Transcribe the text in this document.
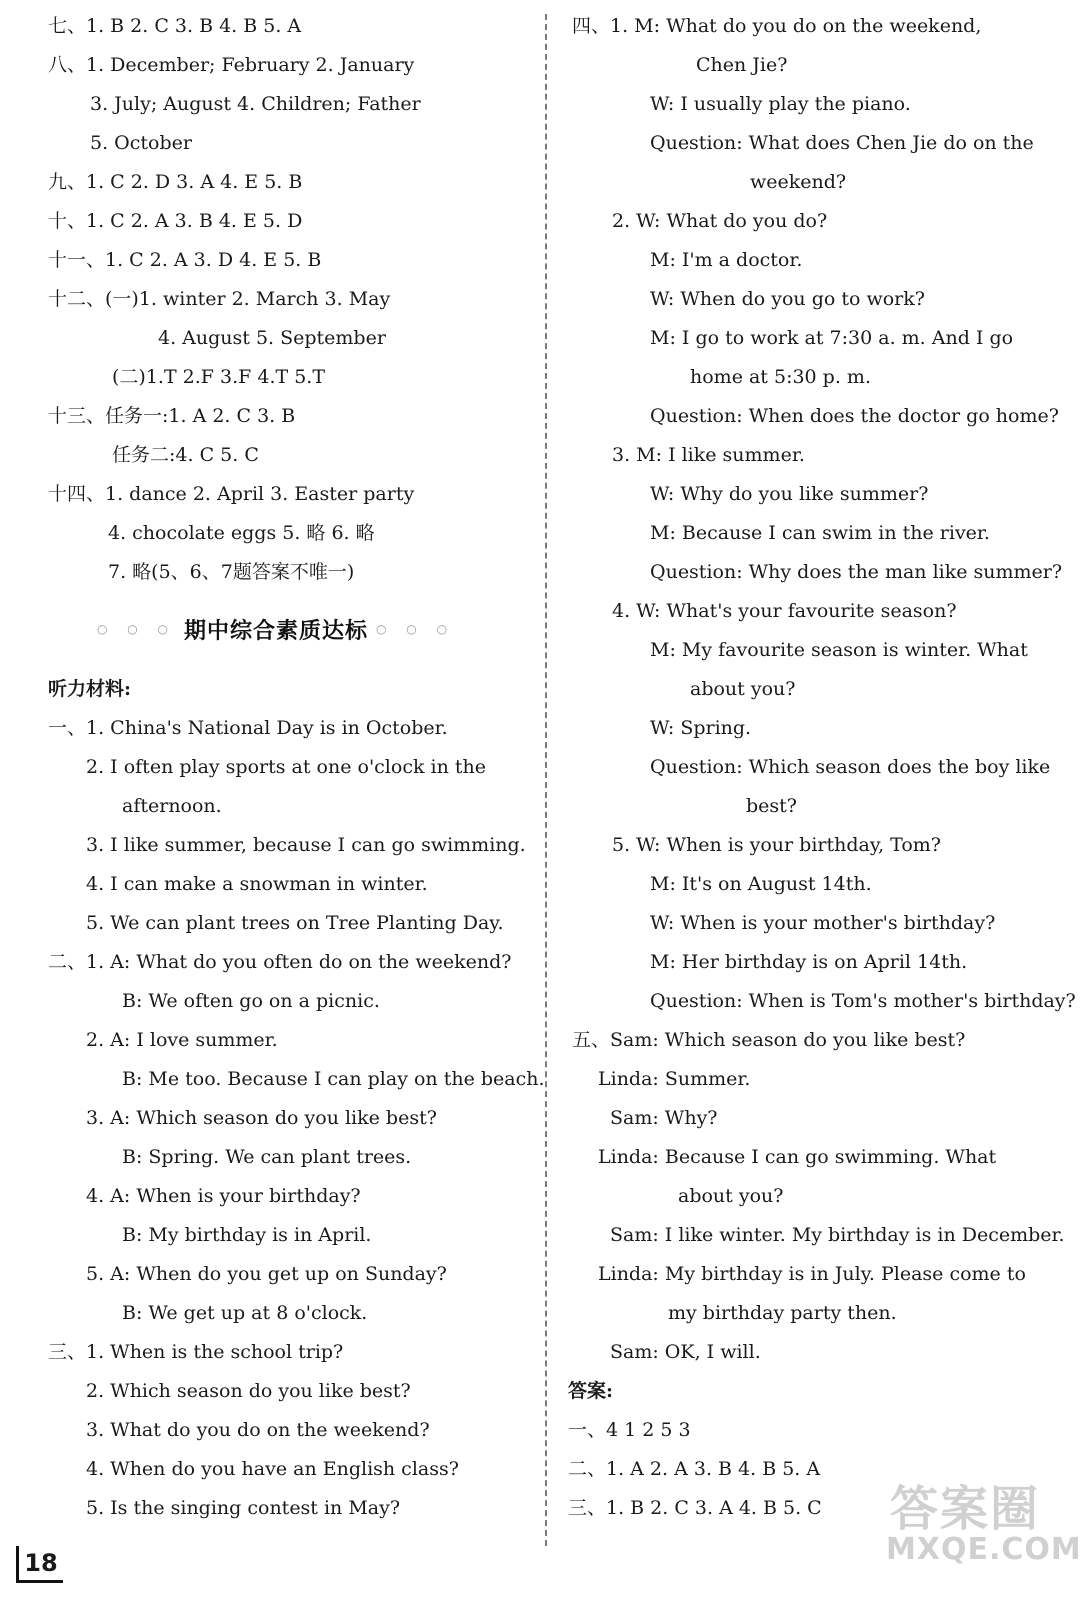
七、1. B 2. C 3. B 4. B 5. A
八、1. December; February 2. January
3. July; August 4. Children; Father
5. October
九、1. C 2. D 3. A 4. E 5. B
十、1. C 2. A 3. B 4. E 5. D
十一、1. C 2. A 3. D 4. E 5. B
十二、(一)1. winter 2. March 3. May
4. August 5. September
(二)1.T 2.F 3.F 4.T 5.T
十三、任务一:1. A 2. C 3. B
任务二:4. C 5. C
十四、1. dance 2. April 3. Easter party
4. chocolate eggs 5. 略 6. 略
7. 略(5、6、7题答案不唯一)
听力材料:
一、1. China's National Day is in October.
2. I often play sports at one o'clock in the
afternoon.
3. I like summer, because I can go swimming.
4. I can make a snowman in winter.
5. We can plant trees on Tree Planting Day.
二、1. A: What do you often do on the weekend?
B: We often go on a picnic.
2. A: I love summer.
B: Me too. Because I can play on the beach.
3. A: Which season do you like best?
B: Spring. We can plant trees.
4. A: When is your birthday?
B: My birthday is in April.
5. A: When do you get up on Sunday?
B: We get up at 8 o'clock.
三、1. When is the school trip?
2. Which season do you like best?
3. What do you do on the weekend?
4. When do you have an English class?
5. Is the singing contest in May?
四、1. M: What do you do on the weekend,
Chen Jie?
W: I usually play the piano.
Question: What does Chen Jie do on the
weekend?
2. W: What do you do?
M: I'm a doctor.
W: When do you go to work?
M: I go to work at 7:30 a. m. And I go
home at 5:30 p. m.
Question: When does the doctor go home?
3. M: I like summer.
W: Why do you like summer?
M: Because I can swim in the river.
Question: Why does the man like summer?
4. W: What's your favourite season?
M: My favourite season is winter. What
about you?
W: Spring.
Question: Which season does the boy like
best?
5. W: When is your birthday, Tom?
M: It's on August 14th.
W: When is your mother's birthday?
M: Her birthday is on April 14th.
Question: When is Tom's mother's birthday?
五、Sam: Which season do you like best?
Linda: Summer.
Sam: Why?
Linda: Because I can go swimming. What
about you?
Sam: I like winter. My birthday is in December.
Linda: My birthday is in July. Please come to
my birthday party then.
Sam: OK, I will.
答案:
一、4 1 2 5 3
二、1. A 2. A 3. B 4. B 5. A
三、1. B 2. C 3. A 4. B 5. C
○ ○ ○ 期中综合素质达标 ○ ○ ○
18
答案圈
MXQE.COM
